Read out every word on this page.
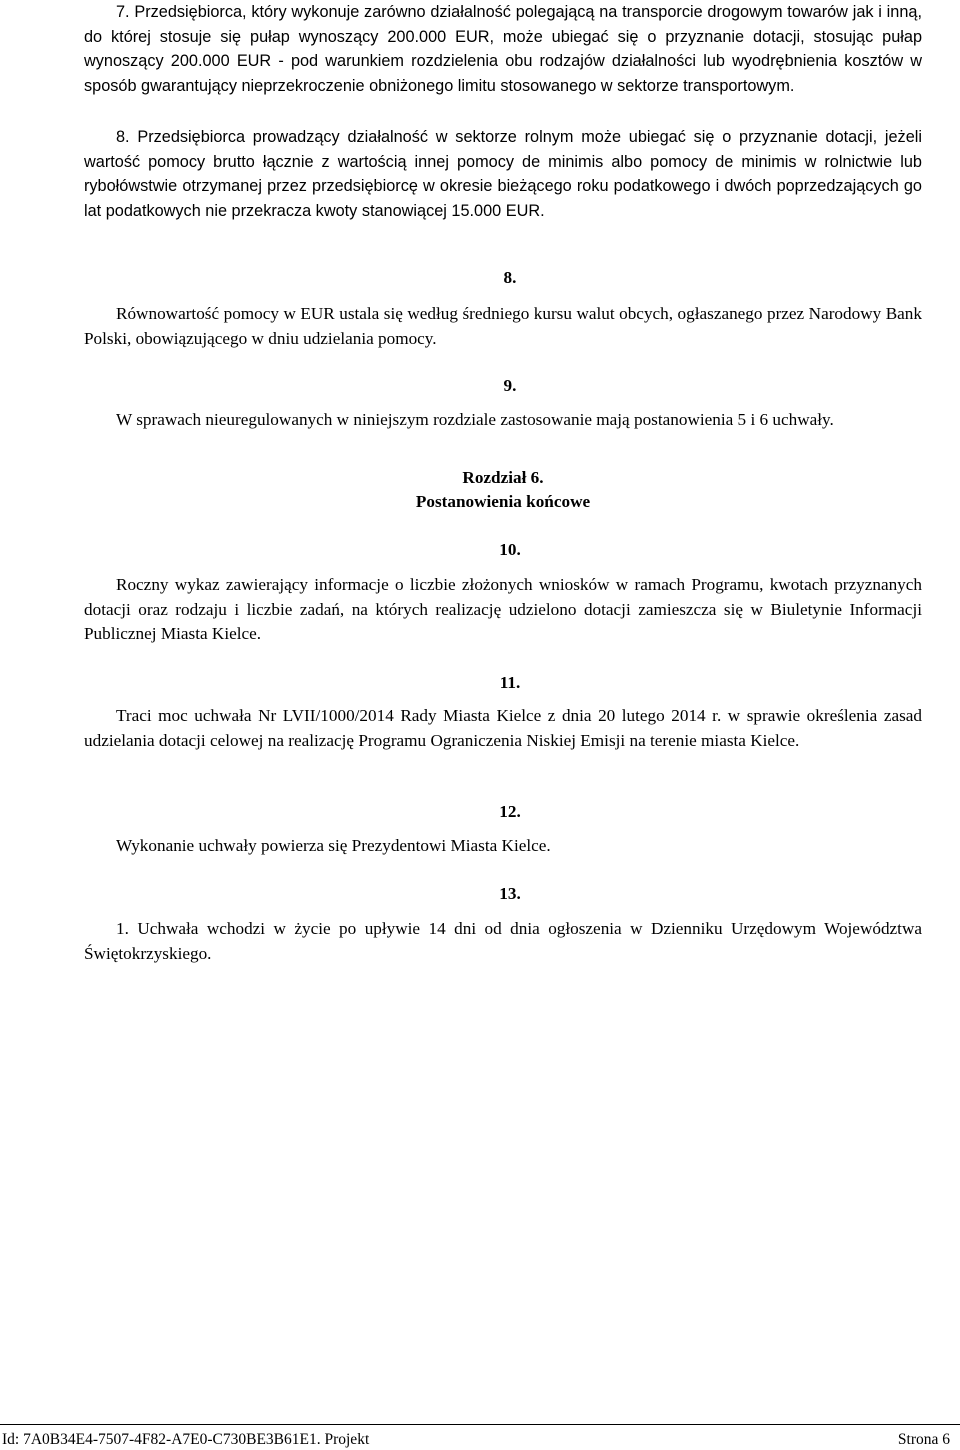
7. Przedsiębiorca, który wykonuje zarówno działalność polegającą na transporcie drogowym towarów jak i inną, do której stosuje się pułap wynoszący 200.000 EUR, może ubiegać się o przyznanie dotacji, stosując pułap wynoszący 200.000 EUR - pod warunkiem rozdzielenia obu rodzajów działalności lub wyodrębnienia kosztów w sposób gwarantujący nieprzekroczenie obniżonego limitu stosowanego w sektorze transportowym.

8. Przedsiębiorca prowadzący działalność w sektorze rolnym może ubiegać się o przyznanie dotacji, jeżeli wartość pomocy brutto łącznie z wartością innej pomocy de minimis albo pomocy de minimis w rolnictwie lub rybołówstwie otrzymanej przez przedsiębiorcę w okresie bieżącego roku podatkowego i dwóch poprzedzających go lat podatkowych nie przekracza kwoty stanowiącej 15.000 EUR.

8.

Równowartość pomocy w EUR ustala się według średniego kursu walut obcych, ogłaszanego przez Narodowy Bank Polski, obowiązującego w dniu udzielania pomocy.

9.

W sprawach nieuregulowanych w niniejszym rozdziale zastosowanie mają postanowienia 5 i 6 uchwały.

Rozdział 6.
Postanowienia końcowe
10.

Roczny wykaz zawierający informacje o liczbie złożonych wniosków w ramach Programu, kwotach przyznanych dotacji oraz rodzaju i liczbie zadań, na których realizację udzielono dotacji zamieszcza się w Biuletynie Informacji Publicznej Miasta Kielce.

11.

Traci moc uchwała Nr LVII/1000/2014 Rady Miasta Kielce z dnia 20 lutego 2014 r. w sprawie określenia zasad udzielania dotacji celowej na realizację Programu Ograniczenia Niskiej Emisji na terenie miasta Kielce.

12.

Wykonanie uchwały powierza się Prezydentowi Miasta Kielce.

13.

1. Uchwała wchodzi w życie po upływie 14 dni od dnia ogłoszenia w Dzienniku Urzędowym Województwa Świętokrzyskiego.

Id: 7A0B34E4-7507-4F82-A7E0-C730BE3B61E1. Projekt	Strona 6
